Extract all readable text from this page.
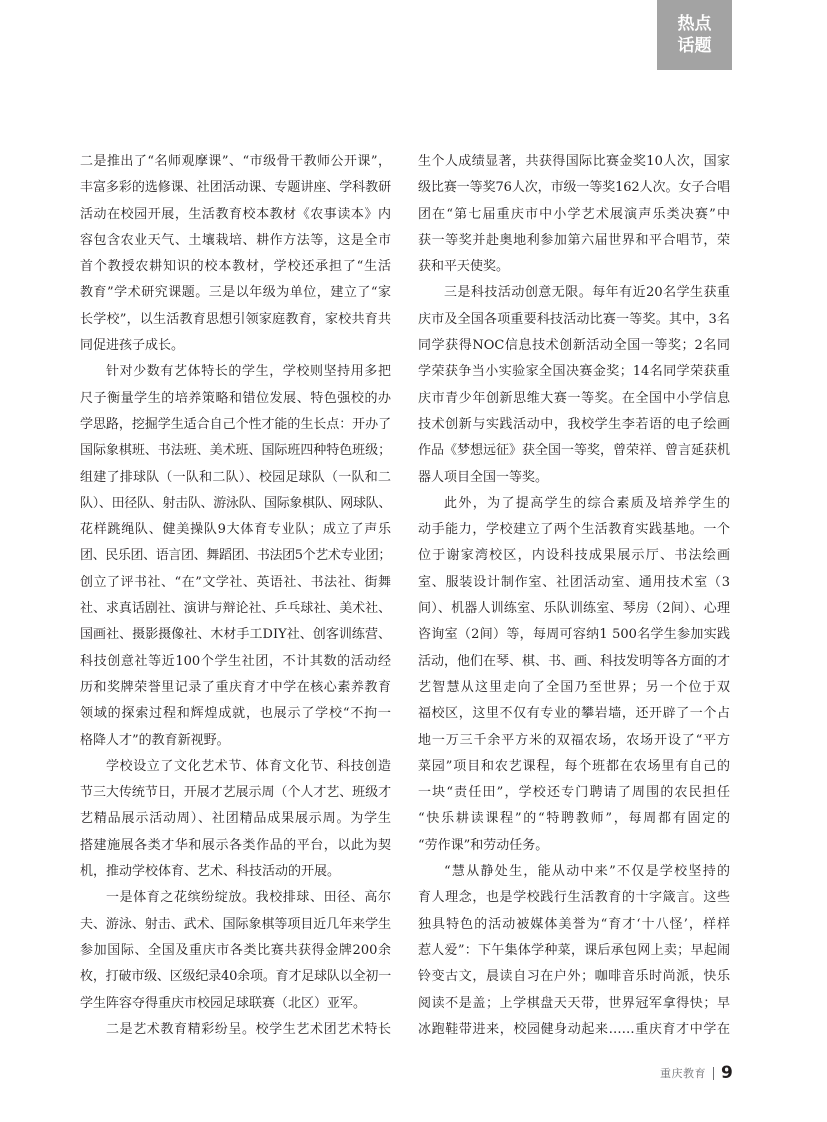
热点
话题
二是推出了“名师观摩课”、“市级骨干教师公开课”，
丰富多彩的选修课、社团活动课、专题讲座、学科教研
活动在校园开展，生活教育校本教材《农事读本》内
容包含农业天气、土壤栽培、耕作方法等，这是全市
首个教授农耕知识的校本教材，学校还承担了“生活
教育”学术研究课题。三是以年级为单位，建立了“家
长学校”，以生活教育思想引领家庭教育，家校共育共
同促进孩子成长。
针对少数有艺体特长的学生，学校则坚持用多把
尺子衡量学生的培养策略和错位发展、特色强校的办
学思路，挖掘学生适合自己个性才能的生长点：开办了
国际象棋班、书法班、美术班、国际班四种特色班级；
组建了排球队（一队和二队）、校园足球队（一队和二
队）、田径队、射击队、游泳队、国际象棋队、网球队、
花样跳绳队、健美操队9大体育专业队；成立了声乐
团、民乐团、语言团、舞蹈团、书法团5个艺术专业团；
创立了评书社、“在”文学社、英语社、书法社、街舞
社、求真话剧社、演讲与辩论社、乒乓球社、美术社、
国画社、摄影摄像社、木材手工DIY社、创客训练营、
科技创意社等近100个学生社团，不计其数的活动经
历和奖牌荣誉里记录了重庆育才中学在核心素养教育
领域的探索过程和辉煌成就，也展示了学校“不拘一
格降人才”的教育新视野。
学校设立了文化艺术节、体育文化节、科技创造
节三大传统节日，开展才艺展示周（个人才艺、班级才
艺精品展示活动周）、社团精品成果展示周。为学生
搭建施展各类才华和展示各类作品的平台，以此为契
机，推动学校体育、艺术、科技活动的开展。
一是体育之花缤纷绽放。我校排球、田径、高尔
夫、游泳、射击、武术、国际象棋等项目近几年来学生
参加国际、全国及重庆市各类比赛共获得金牌200余
枚，打破市级、区级纪录40余项。育才足球队以全初一
学生阵容夺得重庆市校园足球联赛（北区）亚军。
二是艺术教育精彩纷呈。校学生艺术团艺术特长
生个人成绩显著，共获得国际比赛金奖10人次，国家
级比赛一等奖76人次，市级一等奖162人次。女子合唱
团在“第七届重庆市中小学艺术展演声乐类决赛”中
获一等奖并赴奥地利参加第六届世界和平合唱节，荣
获和平天使奖。
三是科技活动创意无限。每年有近20名学生获重
庆市及全国各项重要科技活动比赛一等奖。其中，3名
同学获得NOC信息技术创新活动全国一等奖；2名同
学荣获争当小实验家全国决赛金奖；14名同学荣获重
庆市青少年创新思维大赛一等奖。在全国中小学信息
技术创新与实践活动中，我校学生李若语的电子绘画
作品《梦想远征》获全国一等奖，曾荣祥、曾言延获机
器人项目全国一等奖。
此外，为了提高学生的综合素质及培养学生的
动手能力，学校建立了两个生活教育实践基地。一个
位于谢家湾校区，内设科技成果展示厅、书法绘画
室、服装设计制作室、社团活动室、通用技术室（3
间）、机器人训练室、乐队训练室、琴房（2间）、心理
咨询室（2间）等，每周可容纳1 500名学生参加实践
活动，他们在琴、棋、书、画、科技发明等各方面的才
艺智慧从这里走向了全国乃至世界；另一个位于双
福校区，这里不仅有专业的攀岩墙，还开辟了一个占
地一万三千余平方米的双福农场，农场开设了“平方
菜园”项目和农艺课程，每个班都在农场里有自己的
一块“责任田”，学校还专门聘请了周围的农民担任
“快乐耕读课程”的“特聘教师”，每周都有固定的
“劳作课”和劳动任务。
“慧从静处生，能从动中来”不仅是学校坚持的
育人理念，也是学校践行生活教育的十字箴言。这些
独具特色的活动被媒体美誉为“育才‘十八怪’，样样
惹人爱”：下午集体学种菜，课后承包网上卖；早起闹
铃变古文，晨读自习在户外；咖啡音乐时尚派，快乐
阅读不是盖；上学棋盘天天带，世界冠军拿得快；早
冰跑鞋带进来，校园健身动起来……重庆育才中学在
重庆教育 9
